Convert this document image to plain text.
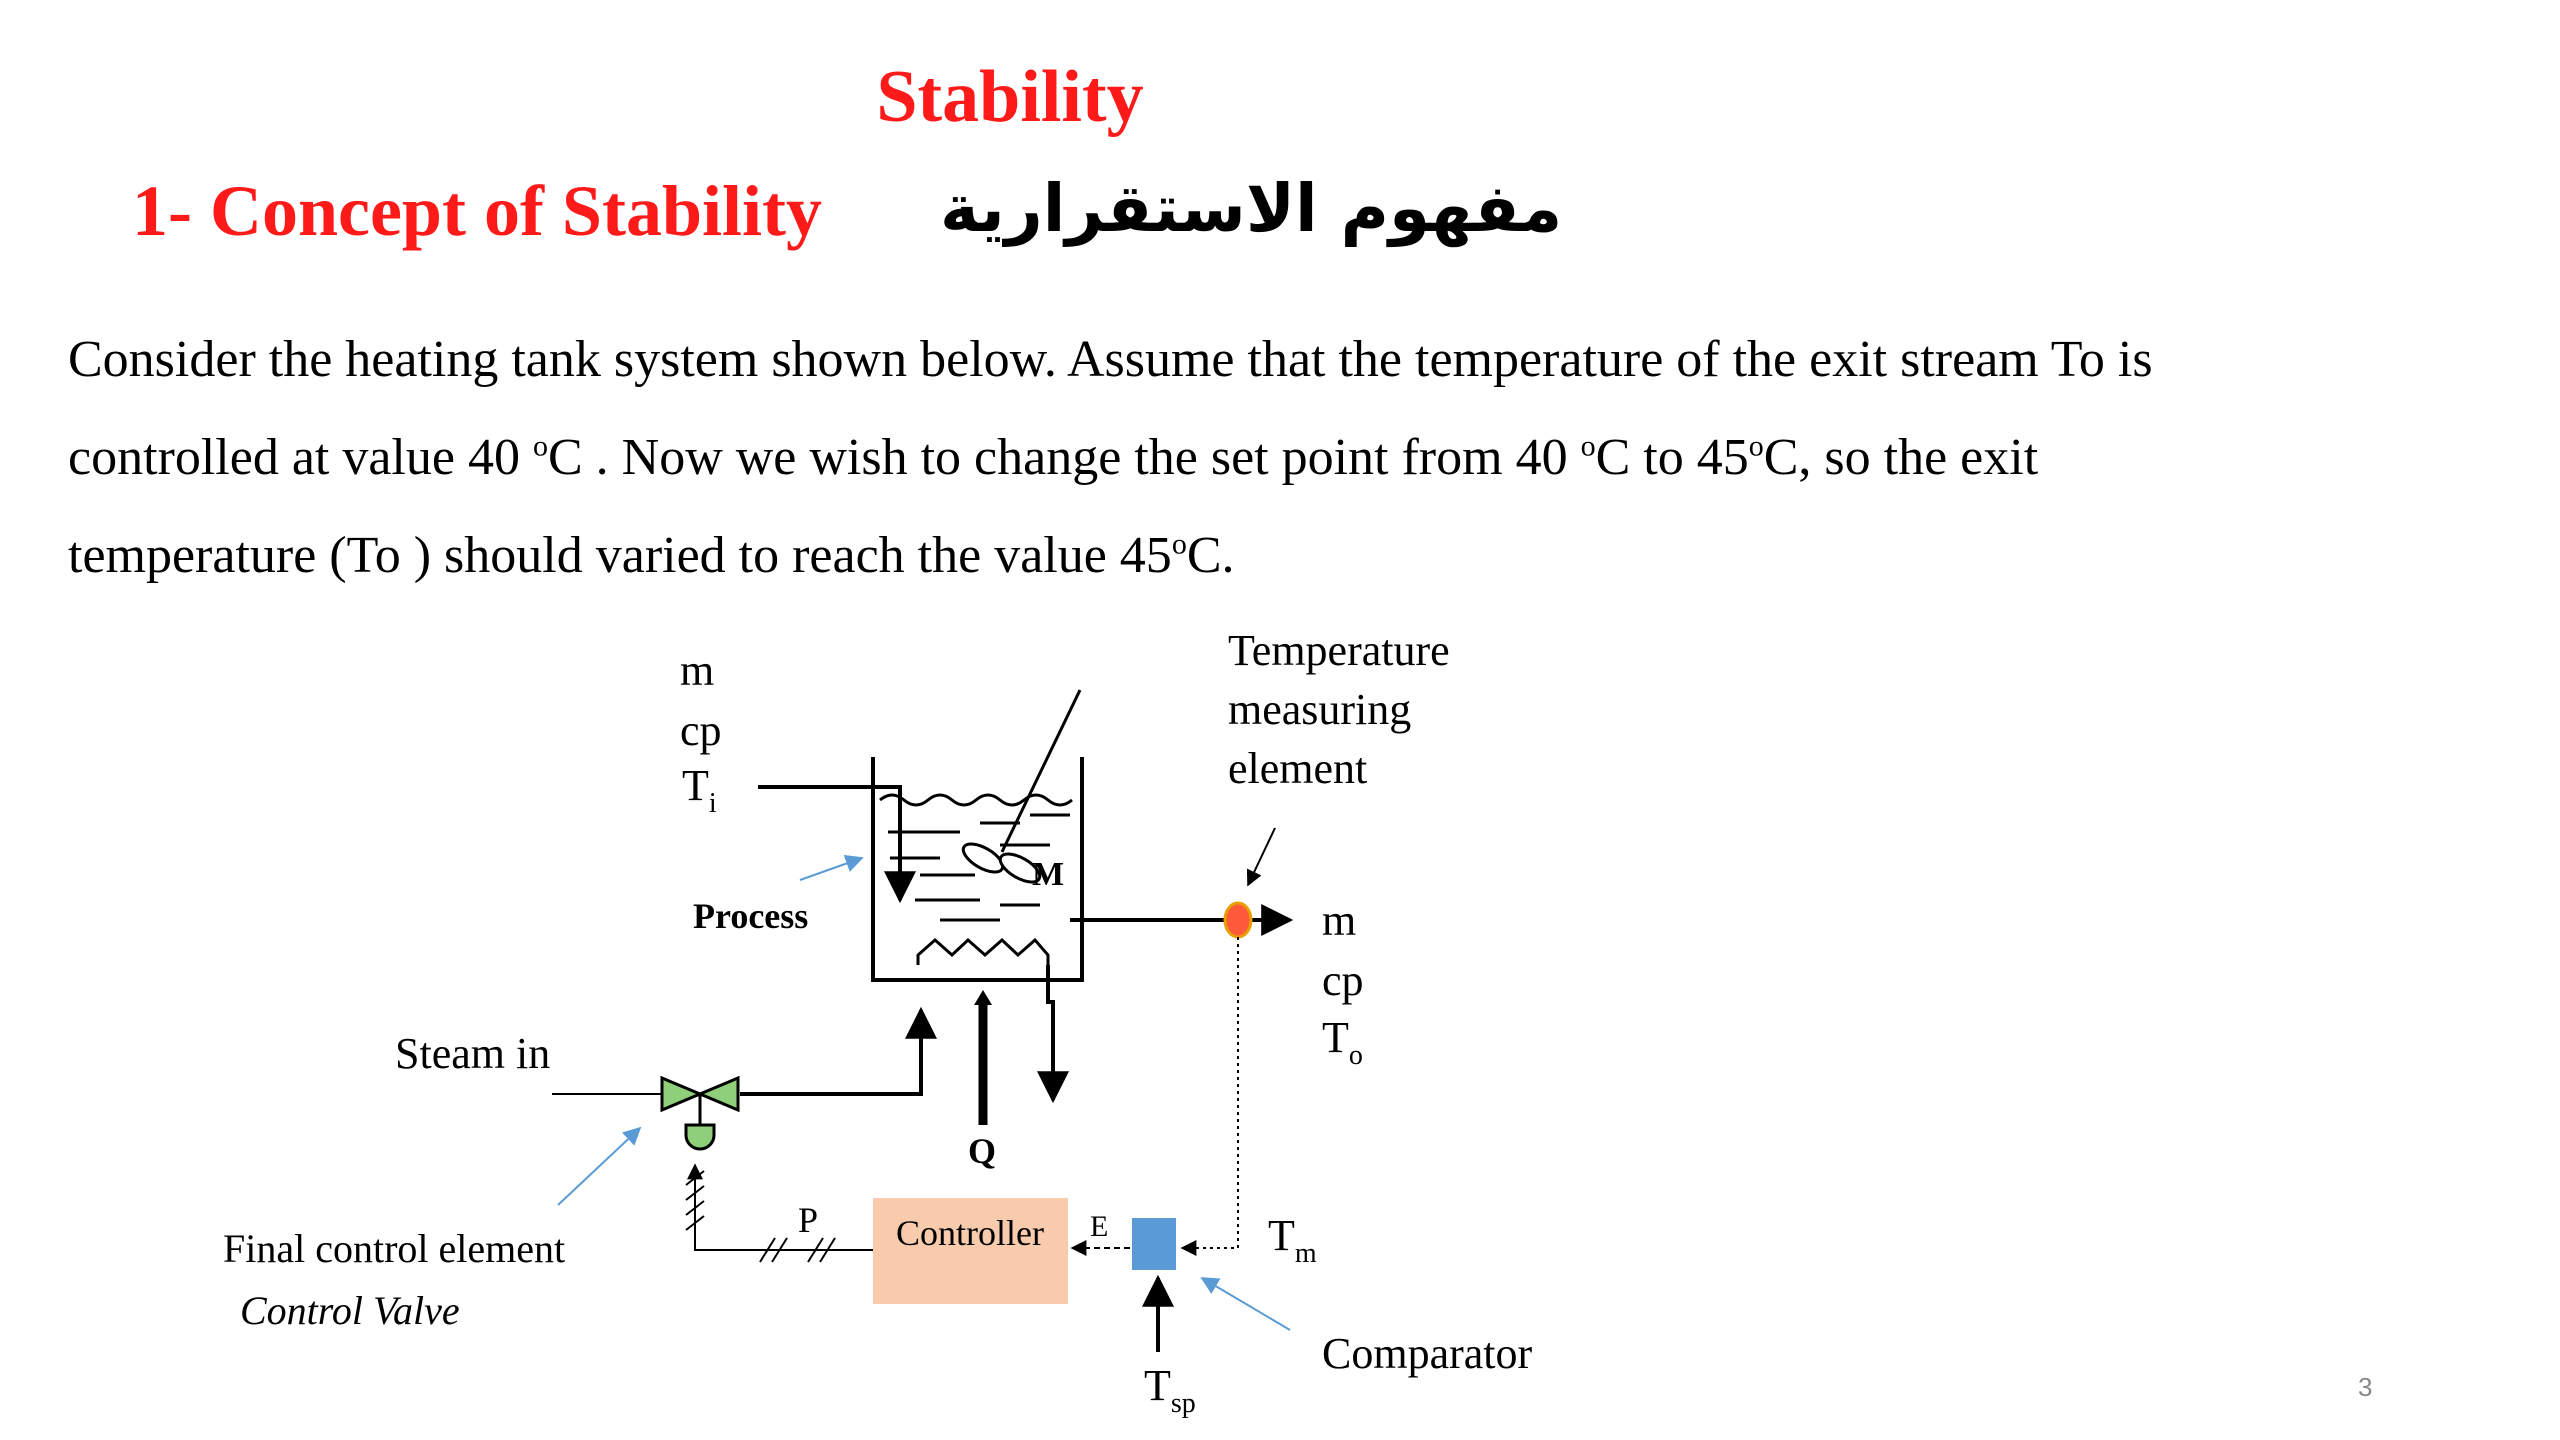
Stability
1- Concept of Stability مفهوم الاستقرارية
Consider the heating tank system shown below. Assume that the temperature of the exit stream To is
controlled at value 40 $^o$C . Now we wish to change the set point from 40 $^o$C to 45$^o$C, so the exit
temperature (To ) should varied to reach the value 45$^o$C.
m
cp
$T_i$
M
Process
Temperature
measuring
element
m
cp
$T_o$
Q
Steam in
Final control element
Control Valve
P Controller E
$T_{sp}$
$T_m$
Comparator
3
